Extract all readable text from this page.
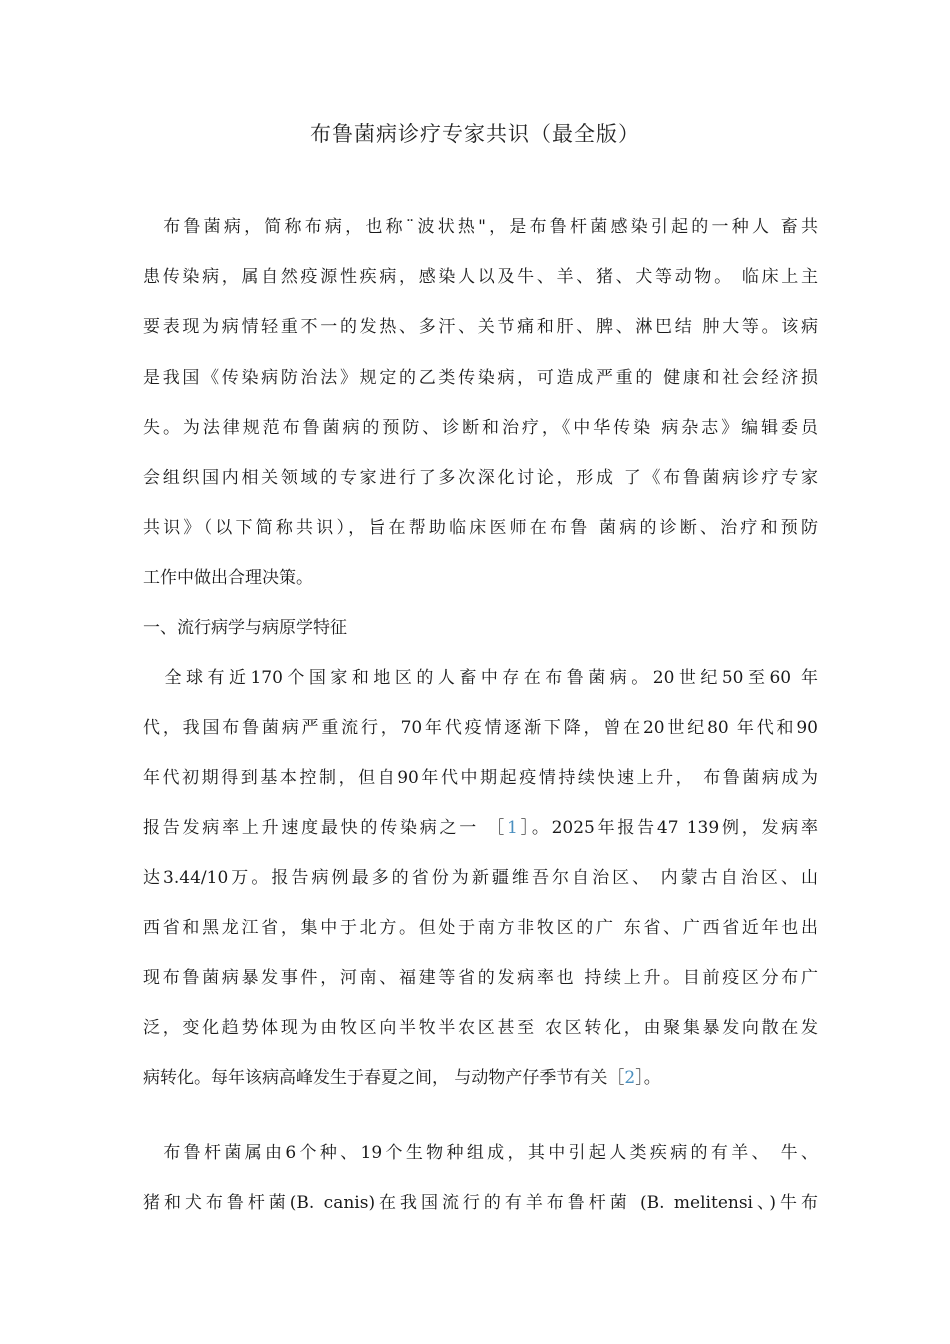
布鲁菌病诊疗专家共识（最全版）
　布鲁菌病，简称布病，也称¨波状热"，是布鲁杆菌感染引起的一种人 畜共
患传染病，属自然疫源性疾病，感染人以及牛、羊、猪、犬等动物。 临床上主
要表现为病情轻重不一的发热、多汗、关节痛和肝、脾、淋巴结 肿大等。该病
是我国《传染病防治法》规定的乙类传染病，可造成严重的 健康和社会经济损
失。为法律规范布鲁菌病的预防、诊断和治疗，《中华传染 病杂志》编辑委员
会组织国内相关领域的专家进行了多次深化讨论，形成 了《布鲁菌病诊疗专家
共识》（以下简称共识），旨在帮助临床医师在布鲁 菌病的诊断、治疗和预防
工作中做出合理决策。
一、流行病学与病原学特征
　全球有近170个国家和地区的人畜中存在布鲁菌病。20世纪50至60 年
代，我国布鲁菌病严重流行，70年代疫情逐渐下降，曾在20世纪80 年代和90
年代初期得到基本控制，但自90年代中期起疫情持续快速上升， 布鲁菌病成为
报告发病率上升速度最快的传染病之一 ［1］。2025年报告47 139例，发病率
达3.44/10万。报告病例最多的省份为新疆维吾尔自治区、 内蒙古自治区、山
西省和黑龙江省，集中于北方。但处于南方非牧区的广 东省、广西省近年也出
现布鲁菌病暴发事件，河南、福建等省的发病率也 持续上升。目前疫区分布广
泛，变化趋势体现为由牧区向半牧半农区甚至 农区转化，由聚集暴发向散在发
病转化。每年该病高峰发生于春夏之间， 与动物产仔季节有关［2］。
　布鲁杆菌属由6个种、19个生物种组成，其中引起人类疾病的有羊、 牛、
猪和犬布鲁杆菌(B. canis)在我国流行的有羊布鲁杆菌 (B. melitensi、)牛布
